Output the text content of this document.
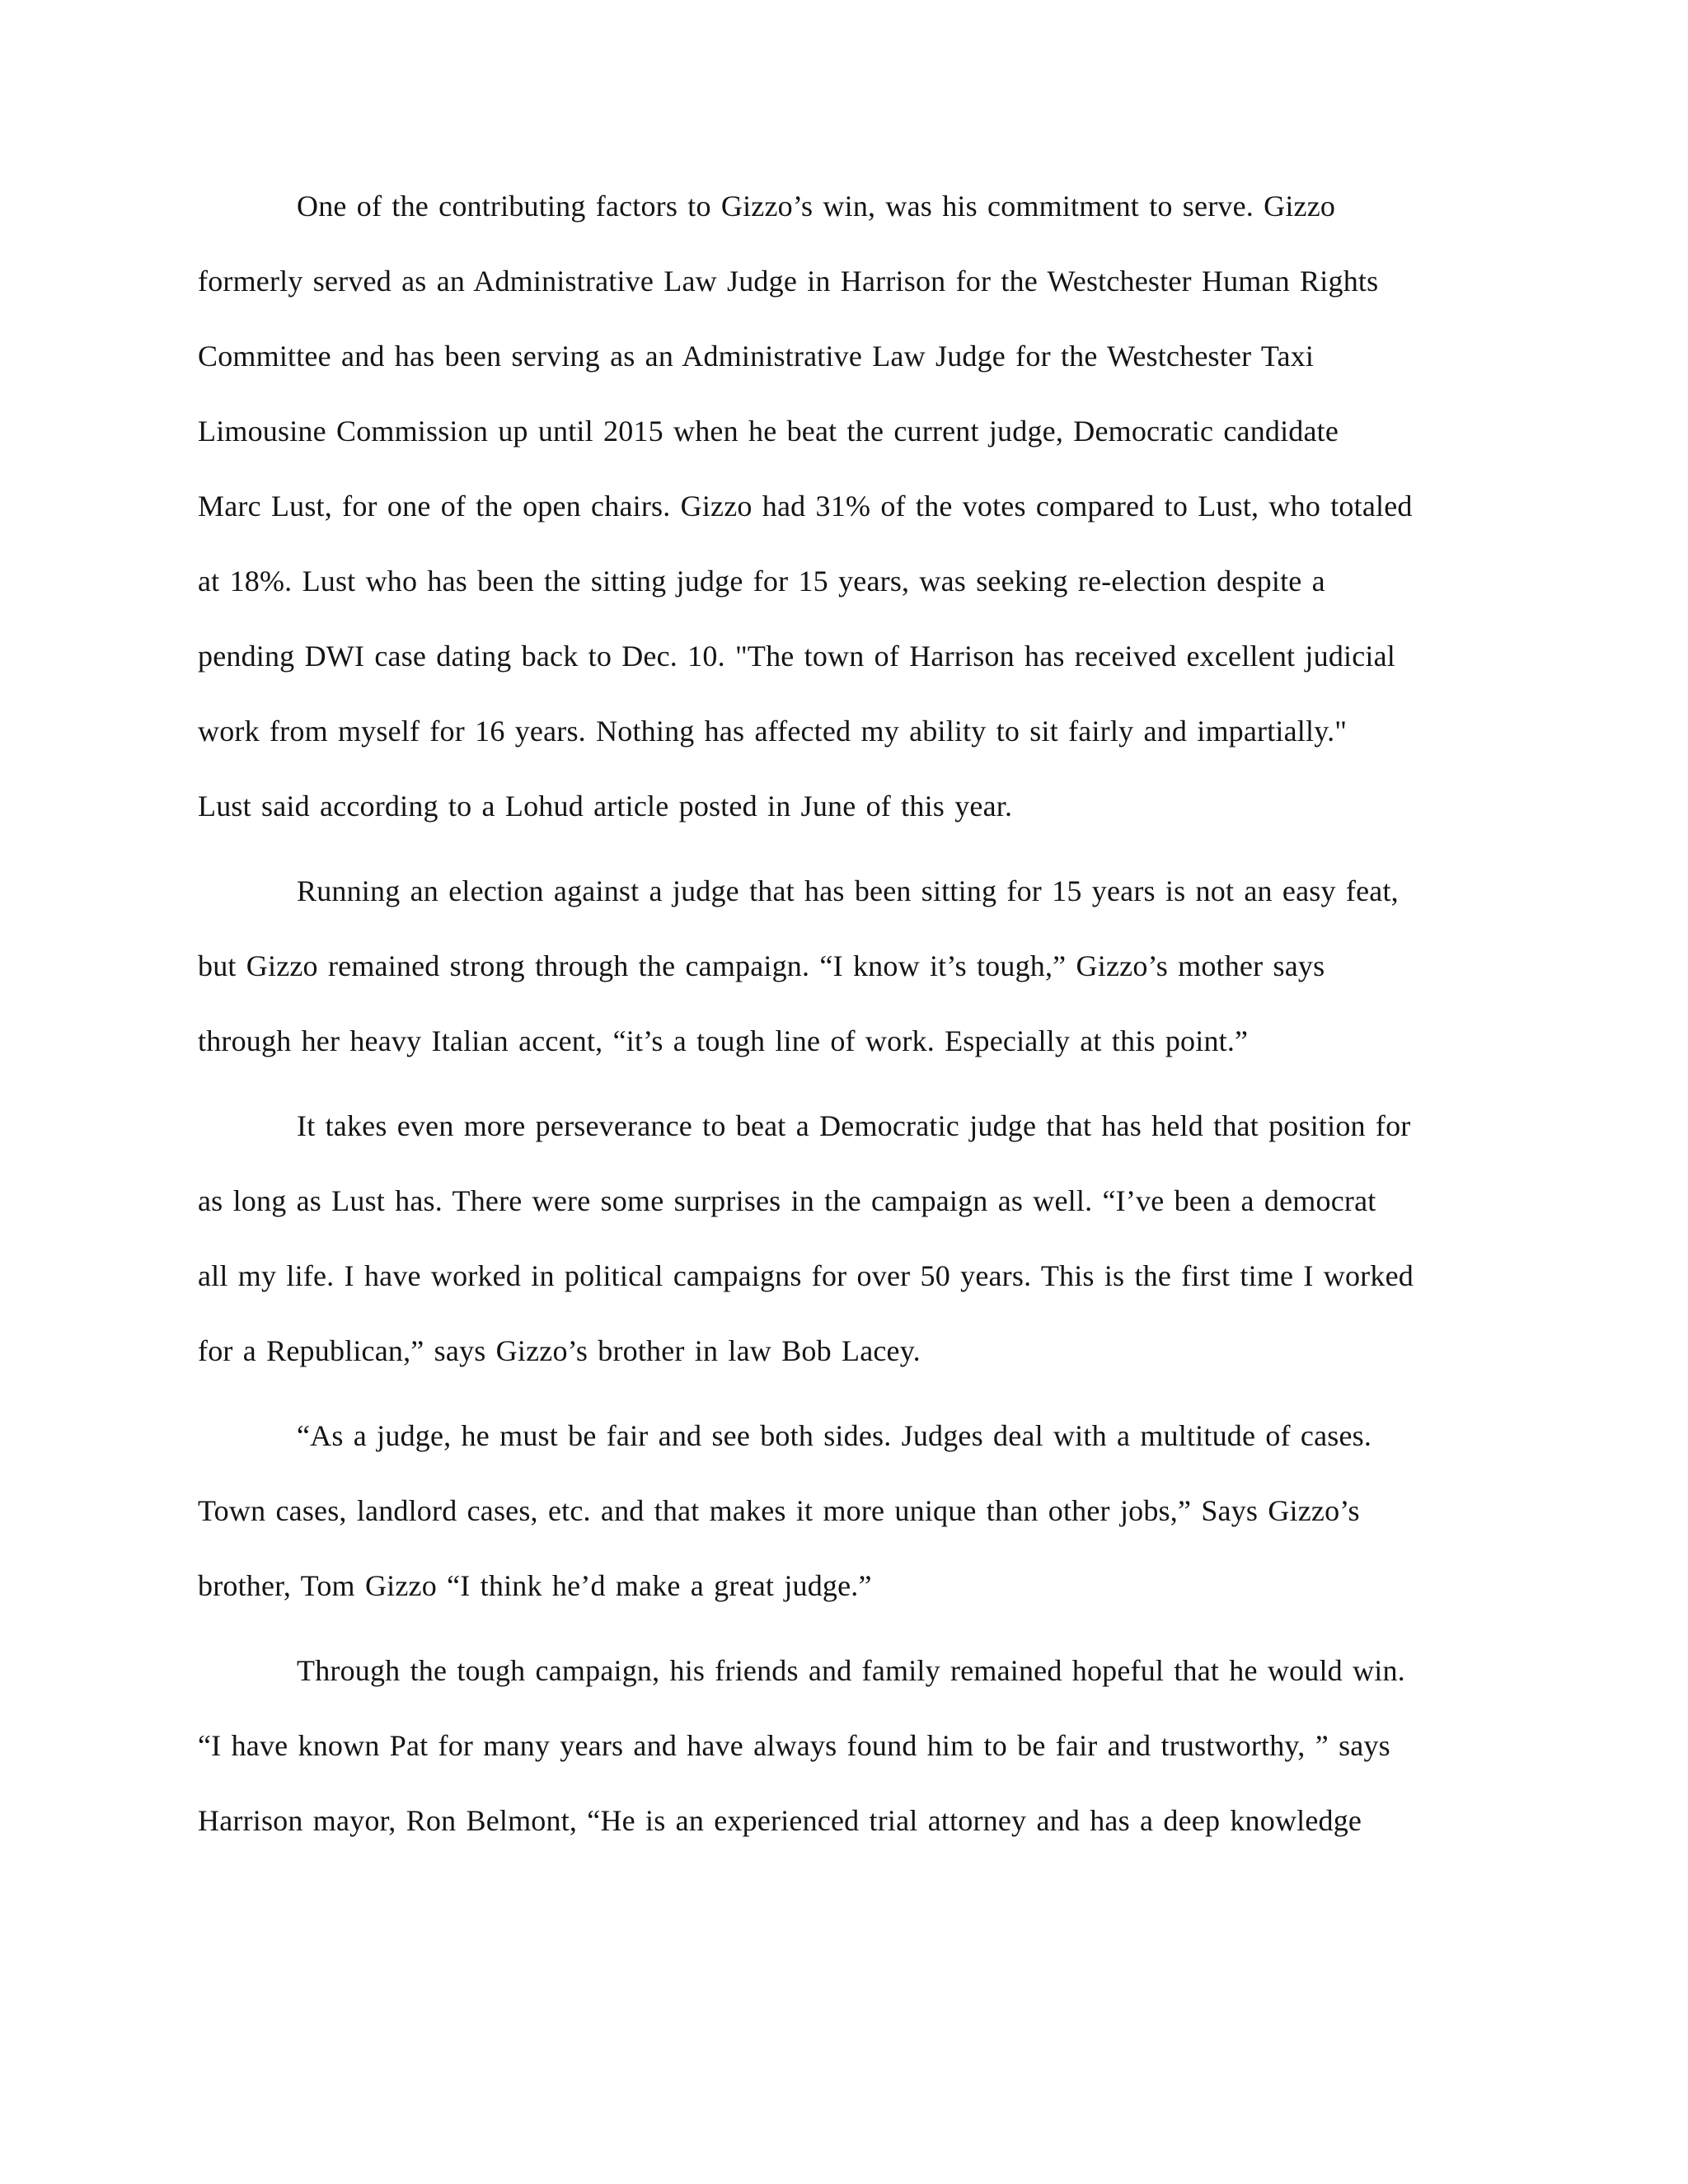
One of the contributing factors to Gizzo’s win, was his commitment to serve. Gizzo
formerly served as an Administrative Law Judge in Harrison for the Westchester Human Rights
Committee and has been serving as an Administrative Law Judge for the Westchester Taxi
Limousine Commission up until 2015 when he beat the current judge, Democratic candidate
Marc Lust, for one of the open chairs. Gizzo had 31% of the votes compared to Lust, who totaled
at 18%. Lust who has been the sitting judge for 15 years, was seeking re-election despite a
pending DWI case dating back to Dec. 10. "The town of Harrison has received excellent judicial
work from myself for 16 years. Nothing has affected my ability to sit fairly and impartially."
Lust said according to a Lohud article posted in June of this year.
Running an election against a judge that has been sitting for 15 years is not an easy feat,
but Gizzo remained strong through the campaign. “I know it’s tough,” Gizzo’s mother says
through her heavy Italian accent, “it’s a tough line of work. Especially at this point.”
It takes even more perseverance to beat a Democratic judge that has held that position for
as long as Lust has. There were some surprises in the campaign as well. “I’ve been a democrat
all my life. I have worked in political campaigns for over 50 years. This is the first time I worked
for a Republican,” says Gizzo’s brother in law Bob Lacey.
“As a judge, he must be fair and see both sides. Judges deal with a multitude of cases.
Town cases, landlord cases, etc. and that makes it more unique than other jobs,” Says Gizzo’s
brother, Tom Gizzo “I think he’d make a great judge.”
Through the tough campaign, his friends and family remained hopeful that he would win.
“I have known Pat for many years and have always found him to be fair and trustworthy, ” says
Harrison mayor, Ron Belmont, “He is an experienced trial attorney and has a deep knowledge
